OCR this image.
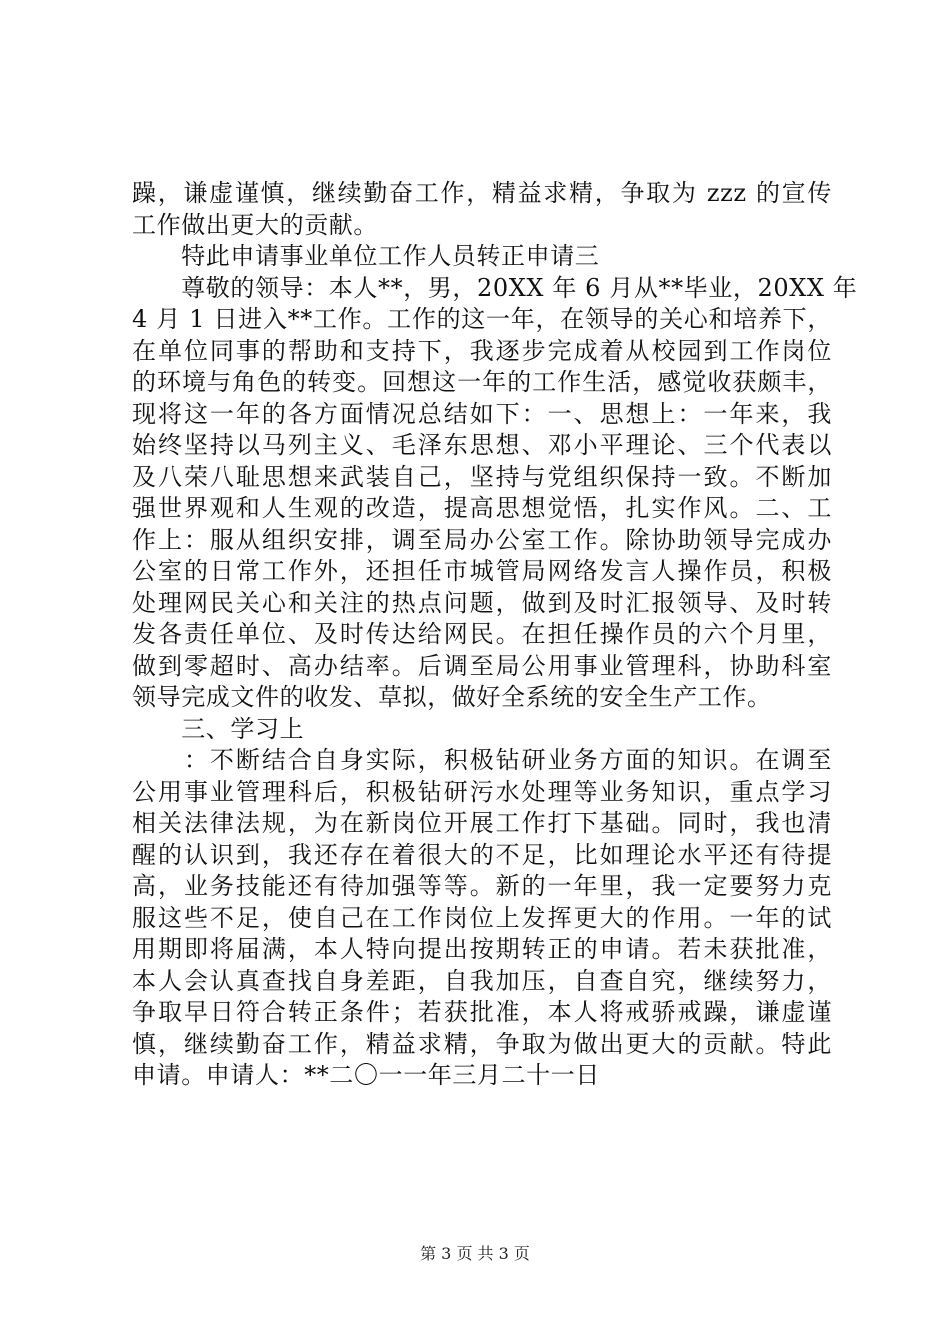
躁，谦虚谨慎，继续勤奋工作，精益求精，争取为 zzz 的宣传
工作做出更大的贡献。
　　特此申请事业单位工作人员转正申请三
　　尊敬的领导：本人**，男，20XX 年 6 月从**毕业，20XX 年
4 月 1 日进入**工作。工作的这一年，在领导的关心和培养下，
在单位同事的帮助和支持下，我逐步完成着从校园到工作岗位
的环境与角色的转变。回想这一年的工作生活，感觉收获颇丰，
现将这一年的各方面情况总结如下：一、思想上：一年来，我
始终坚持以马列主义、毛泽东思想、邓小平理论、三个代表以
及八荣八耻思想来武装自己，坚持与党组织保持一致。不断加
强世界观和人生观的改造，提高思想觉悟，扎实作风。二、工
作上：服从组织安排，调至局办公室工作。除协助领导完成办
公室的日常工作外，还担任市城管局网络发言人操作员，积极
处理网民关心和关注的热点问题，做到及时汇报领导、及时转
发各责任单位、及时传达给网民。在担任操作员的六个月里，
做到零超时、高办结率。后调至局公用事业管理科，协助科室
领导完成文件的收发、草拟，做好全系统的安全生产工作。
　　三、学习上
　　：不断结合自身实际，积极钻研业务方面的知识。在调至
公用事业管理科后，积极钻研污水处理等业务知识，重点学习
相关法律法规，为在新岗位开展工作打下基础。同时，我也清
醒的认识到，我还存在着很大的不足，比如理论水平还有待提
高，业务技能还有待加强等等。新的一年里，我一定要努力克
服这些不足，使自己在工作岗位上发挥更大的作用。一年的试
用期即将届满，本人特向提出按期转正的申请。若未获批准，
本人会认真查找自身差距，自我加压，自查自究，继续努力，
争取早日符合转正条件；若获批准，本人将戒骄戒躁，谦虚谨
慎，继续勤奋工作，精益求精，争取为做出更大的贡献。特此
申请。申请人：**二〇一一年三月二十一日
第 3 页 共 3 页
